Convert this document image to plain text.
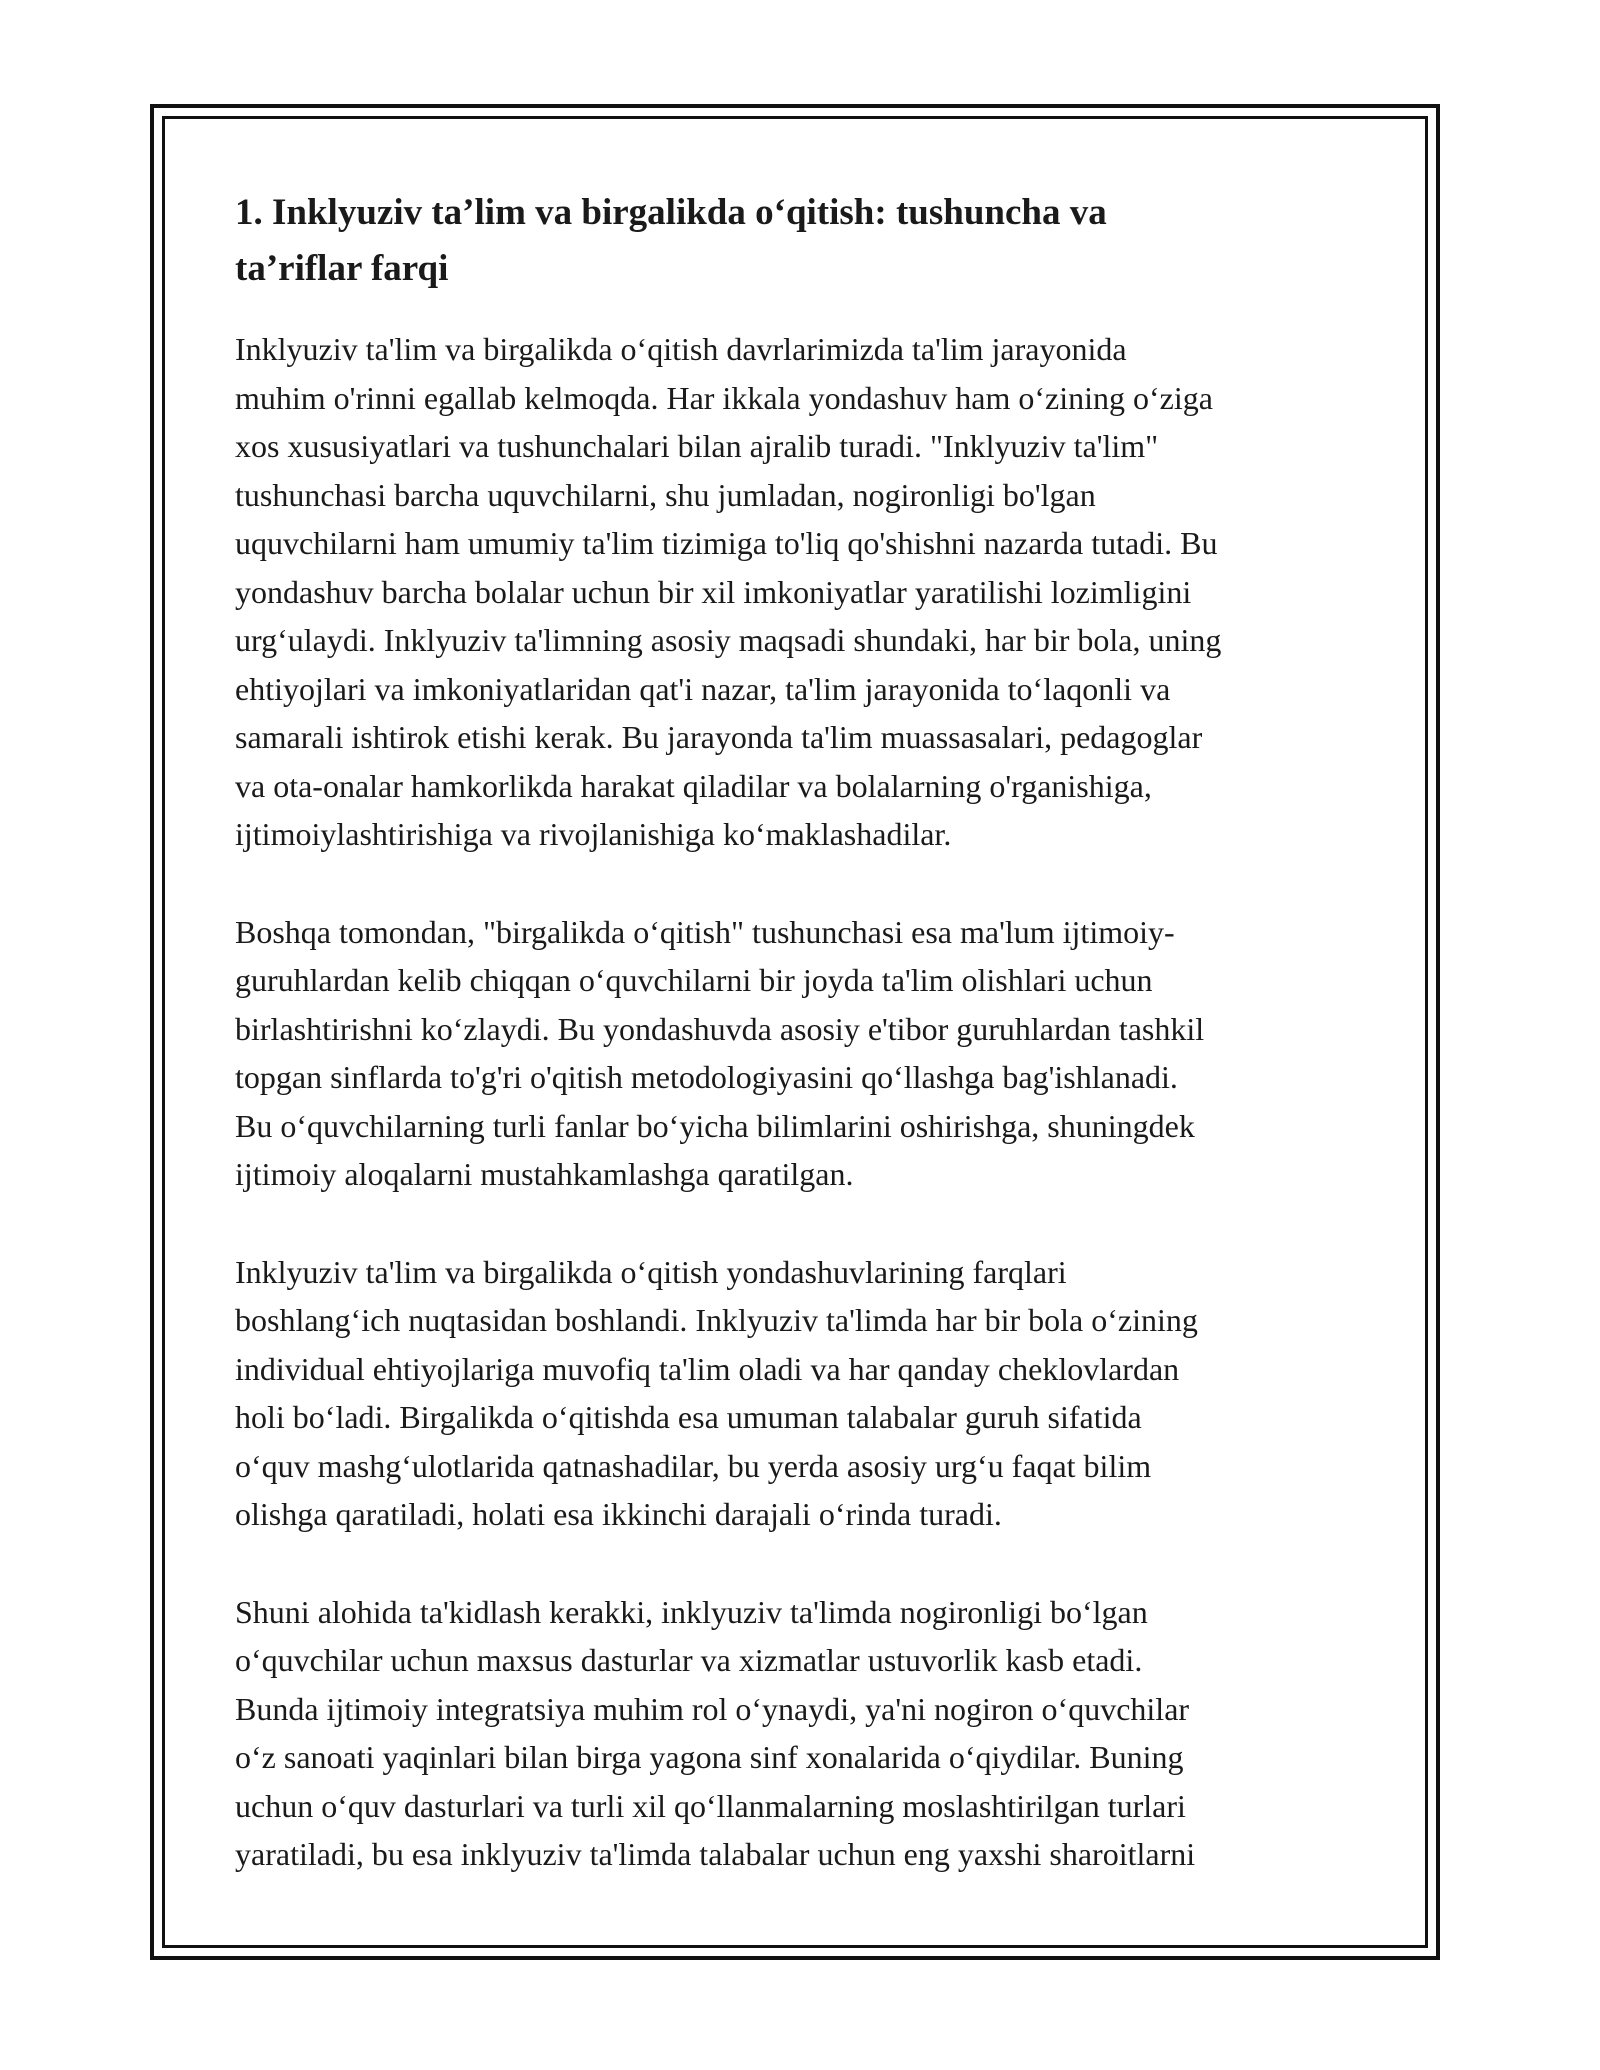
1. Inklyuziv ta’lim va birgalikda oʻqitish: tushuncha va ta’riflar farqi

Inklyuziv ta'lim va birgalikda oʻqitish davrlarimizda ta'lim jarayonida
muhim o'rinni egallab kelmoqda. Har ikkala yondashuv ham oʻzining oʻziga
xos xususiyatlari va tushunchalari bilan ajralib turadi. "Inklyuziv ta'lim"
tushunchasi barcha uquvchilarni, shu jumladan, nogironligi bo'lgan
uquvchilarni ham umumiy ta'lim tizimiga to'liq qo'shishni nazarda tutadi. Bu
yondashuv barcha bolalar uchun bir xil imkoniyatlar yaratilishi lozimligini
urgʻulaydi. Inklyuziv ta'limning asosiy maqsadi shundaki, har bir bola, uning
ehtiyojlari va imkoniyatlaridan qat'i nazar, ta'lim jarayonida toʻlaqonli va
samarali ishtirok etishi kerak. Bu jarayonda ta'lim muassasalari, pedagoglar
va ota-onalar hamkorlikda harakat qiladilar va bolalarning o'rganishiga,
ijtimoiylashtirishiga va rivojlanishiga koʻmaklashadilar.

Boshqa tomondan, "birgalikda oʻqitish" tushunchasi esa ma'lum ijtimoiy-
guruhlardan kelib chiqqan oʻquvchilarni bir joyda ta'lim olishlari uchun
birlashtirishni koʻzlaydi. Bu yondashuvda asosiy e'tibor guruhlardan tashkil
topgan sinflarda to'g'ri o'qitish metodologiyasini qoʻllashga bag'ishlanadi.
Bu oʻquvchilarning turli fanlar boʻyicha bilimlarini oshirishga, shuningdek
ijtimoiy aloqalarni mustahkamlashga qaratilgan.

Inklyuziv ta'lim va birgalikda oʻqitish yondashuvlarining farqlari
boshlangʻich nuqtasidan boshlandi. Inklyuziv ta'limda har bir bola oʻzining
individual ehtiyojlariga muvofiq ta'lim oladi va har qanday cheklovlardan
holi boʻladi. Birgalikda oʻqitishda esa umuman talabalar guruh sifatida
oʻquv mashgʻulotlarida qatnashadilar, bu yerda asosiy urgʻu faqat bilim
olishga qaratiladi, holati esa ikkinchi darajali oʻrinda turadi.

Shuni alohida ta'kidlash kerakki, inklyuziv ta'limda nogironligi boʻlgan
oʻquvchilar uchun maxsus dasturlar va xizmatlar ustuvorlik kasb etadi.
Bunda ijtimoiy integratsiya muhim rol oʻynaydi, ya'ni nogiron oʻquvchilar
oʻz sanoati yaqinlari bilan birga yagona sinf xonalarida oʻqiydilar. Buning
uchun oʻquv dasturlari va turli xil qoʻllanmalarning moslashtirilgan turlari
yaratiladi, bu esa inklyuziv ta'limda talabalar uchun eng yaxshi sharoitlarni
